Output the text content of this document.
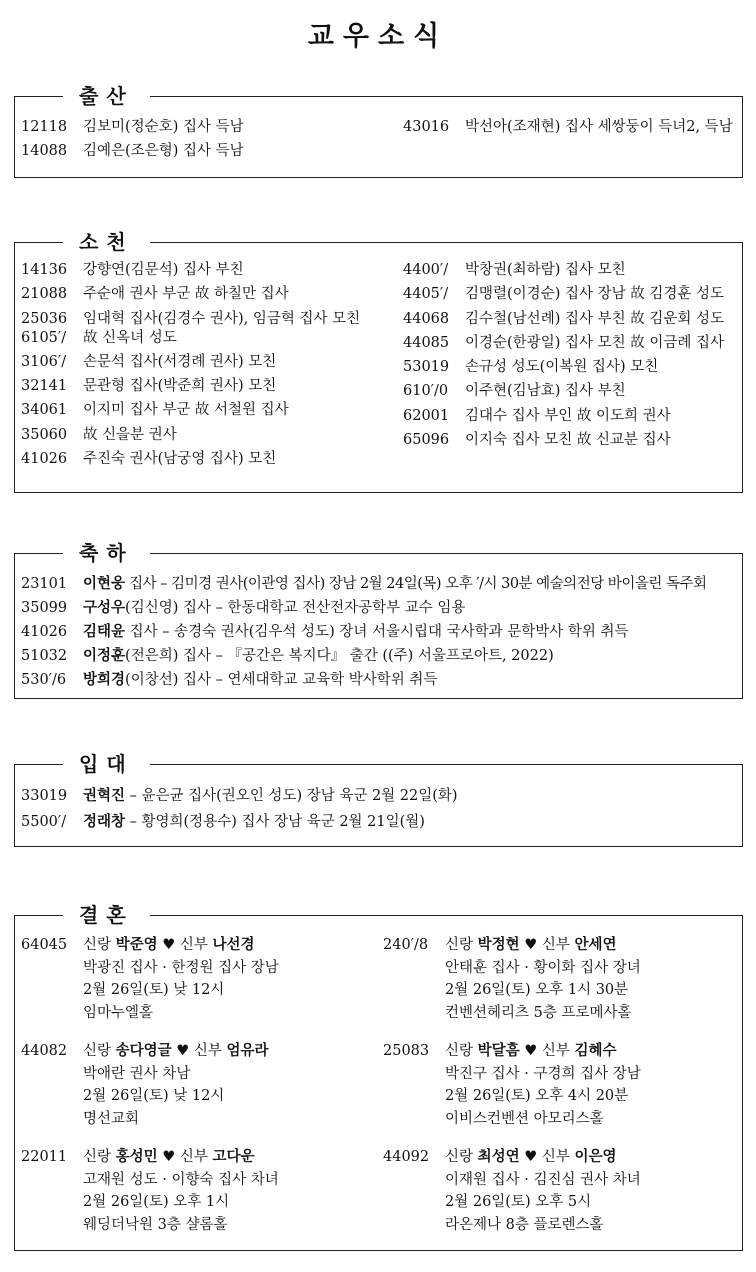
교우소식
출산
12118 김보미(정순호) 집사 득남
14088 김예은(조은형) 집사 득남
43016 박선아(조재현) 집사 세쌍둥이 득녀2, 득남
소천
14136 강향연(김문석) 집사 부친
21088 주순애 권사 부군 故 하칠만 집사
25036 임대혁 집사(김경수 권사), 임금혁 집사 모친
6105′/ 故 신옥녀 성도
3106′/ 손문석 집사(서경례 권사) 모친
32141 문관형 집사(박준희 권사) 모친
34061 이지미 집사 부군 故 서철원 집사
35060 故 신을분 권사
41026 주진숙 권사(남궁영 집사) 모친
4400′/ 박창권(최하람) 집사 모친
4405′/ 김맹렬(이경순) 집사 장남 故 김경훈 성도
44068 김수철(남선례) 집사 부친 故 김운회 성도
44085 이경순(한광일) 집사 모친 故 이금례 집사
53019 손규성 성도(이복원 집사) 모친
610′/0 이주현(김남효) 집사 부친
62001 김대수 집사 부인 故 이도희 권사
65096 이지숙 집사 모친 故 신교분 집사
축하
23101 이현웅 집사 – 김미경 권사(이관영 집사) 장남 2월 24일(목) 오후 ′/시 30분 예술의전당 바이올린 독주회
35099 구성우(김신영) 집사 – 한동대학교 전산전자공학부 교수 임용
41026 김태윤 집사 – 송경숙 권사(김우석 성도) 장녀 서울시립대 국사학과 문학박사 학위 취득
51032 이정훈(전은희) 집사 – 『공간은 복지다』 출간 ((주) 서울프로아트, 2022)
530′/6 방희경(이창선) 집사 – 연세대학교 교육학 박사학위 취득
입대
33019 권혁진 – 윤은균 집사(권오인 성도) 장남 육군 2월 22일(화)
5500′/ 정래창 – 황영희(정용수) 집사 장남 육군 2월 21일(월)
결혼
64045 신랑 박준영 ♥ 신부 나선경
박광진 집사 · 한정원 집사 장남
2월 26일(토) 낮 12시
임마누엘홀
240′/8 신랑 박정현 ♥ 신부 안세연
안태훈 집사 · 황이화 집사 장녀
2월 26일(토) 오후 1시 30분
컨벤션헤리츠 5층 프로메사홀
44082 신랑 송다영글 ♥ 신부 엄유라
박애란 권사 차남
2월 26일(토) 낮 12시
명선교회
25083 신랑 박달흠 ♥ 신부 김혜수
박진구 집사 · 구경희 집사 장남
2월 26일(토) 오후 4시 20분
이비스컨벤션 아모리스홀
22011 신랑 홍성민 ♥ 신부 고다운
고재원 성도 · 이향숙 집사 차녀
2월 26일(토) 오후 1시
웨딩더낙원 3층 샬롬홀
44092 신랑 최성연 ♥ 신부 이은영
이재원 집사 · 김진심 권사 차녀
2월 26일(토) 오후 5시
라온제나 8층 플로렌스홀
